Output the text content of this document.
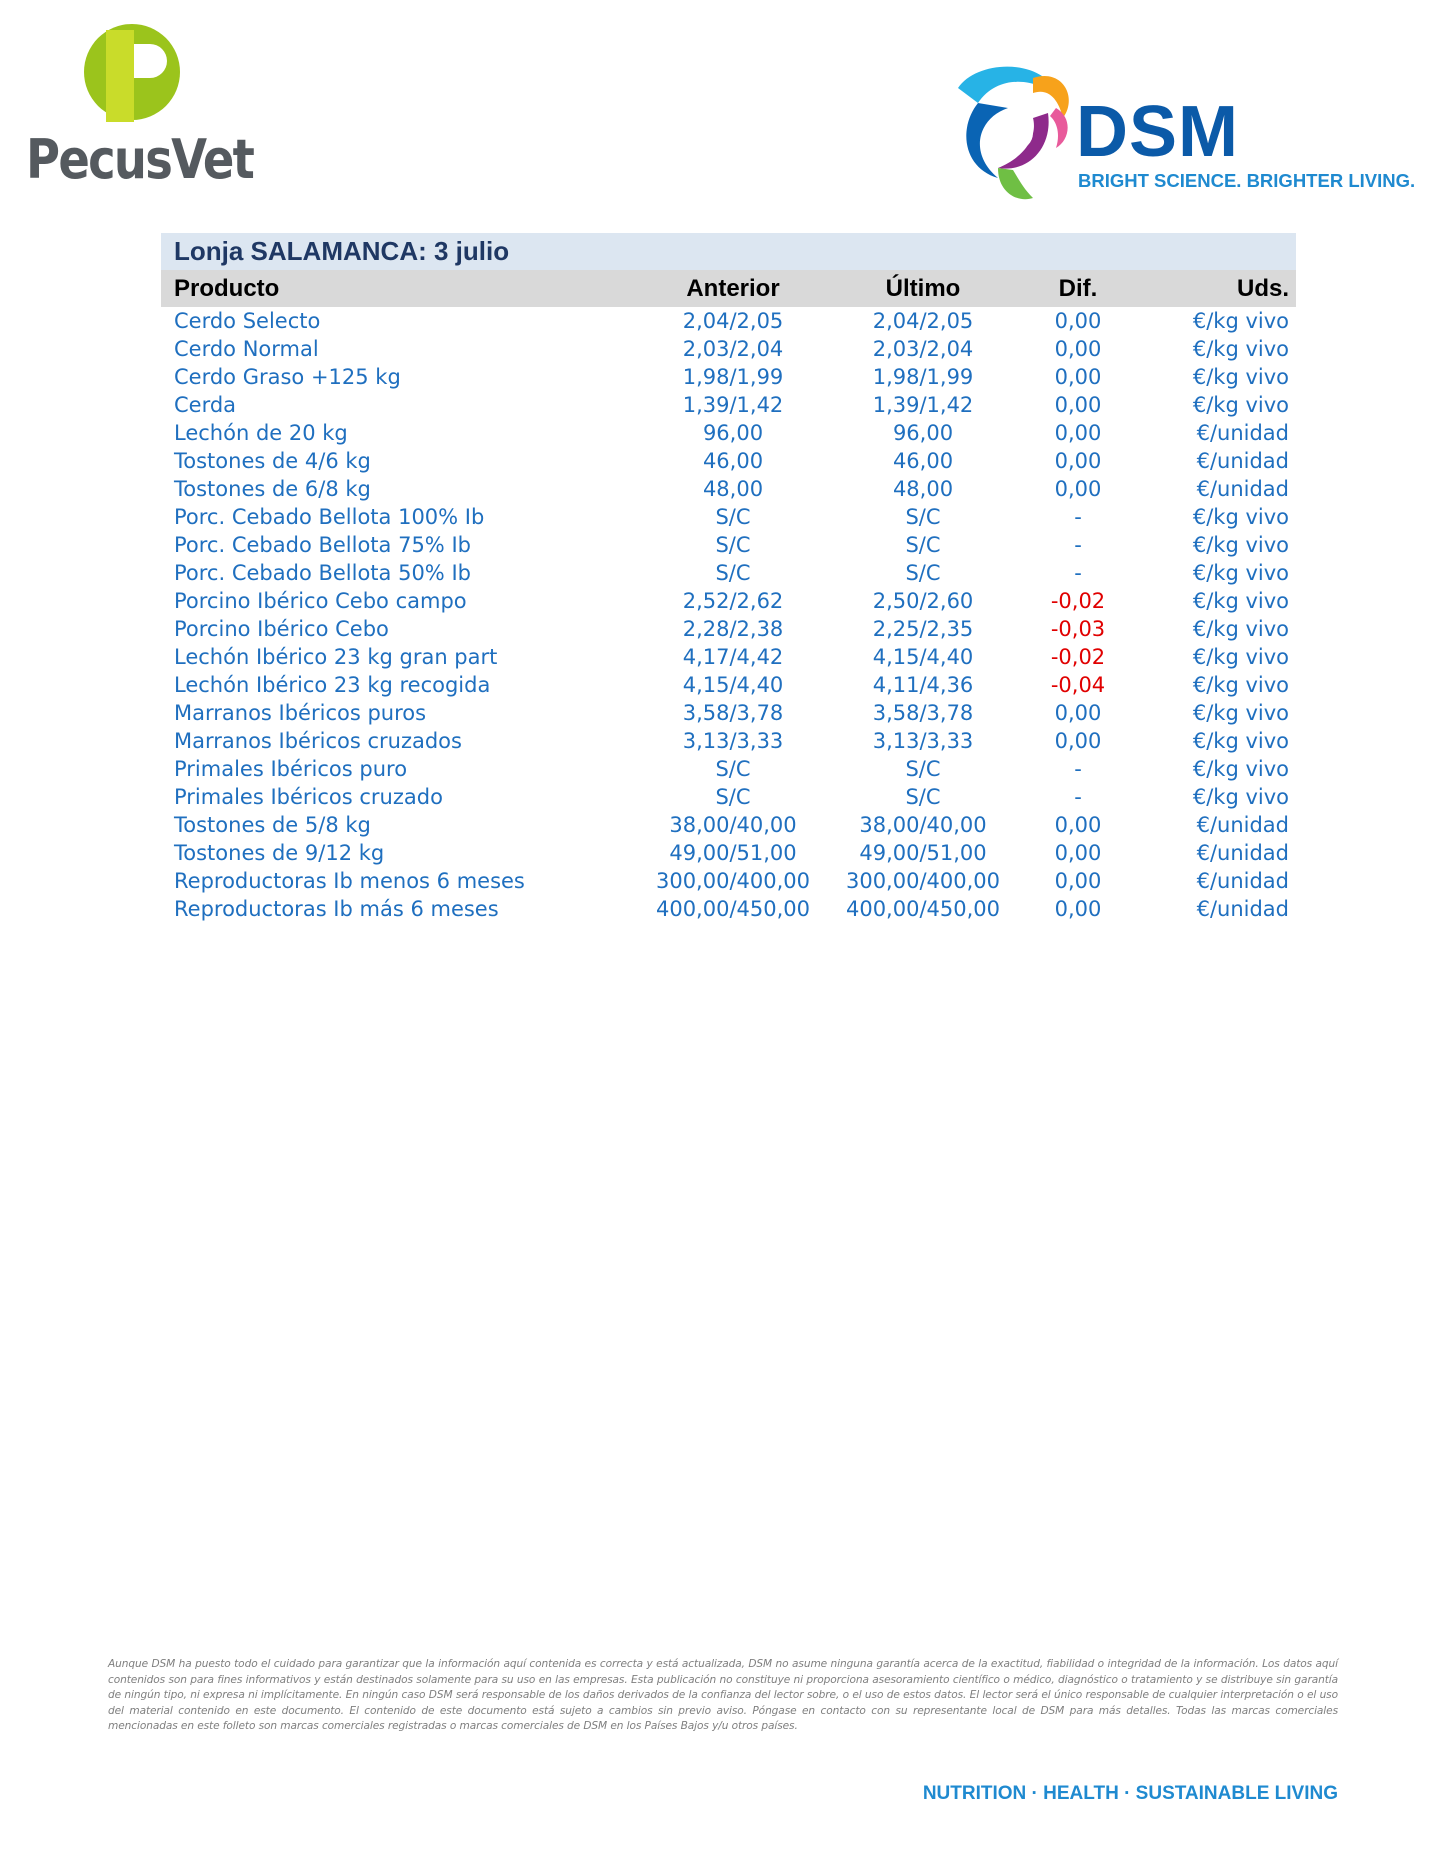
PecusVet	DSM
BRIGHT SCIENCE. BRIGHTER LIVING.
Lonja SALAMANCA: 3 julio
Producto	Anterior	Último	Dif.	Uds.
Cerdo Selecto	2,04/2,05	2,04/2,05	0,00	€/kg vivo
Cerdo Normal	2,03/2,04	2,03/2,04	0,00	€/kg vivo
Cerdo Graso +125 kg	1,98/1,99	1,98/1,99	0,00	€/kg vivo
Cerda	1,39/1,42	1,39/1,42	0,00	€/kg vivo
Lechón de 20 kg	96,00	96,00	0,00	€/unidad
Tostones de 4/6 kg	46,00	46,00	0,00	€/unidad
Tostones de 6/8 kg	48,00	48,00	0,00	€/unidad
Porc. Cebado Bellota 100% Ib	S/C	S/C	-	€/kg vivo
Porc. Cebado Bellota 75% Ib	S/C	S/C	-	€/kg vivo
Porc. Cebado Bellota 50% Ib	S/C	S/C	-	€/kg vivo
Porcino Ibérico Cebo campo	2,52/2,62	2,50/2,60	-0,02	€/kg vivo
Porcino Ibérico Cebo	2,28/2,38	2,25/2,35	-0,03	€/kg vivo
Lechón Ibérico 23 kg gran part	4,17/4,42	4,15/4,40	-0,02	€/kg vivo
Lechón Ibérico 23 kg recogida	4,15/4,40	4,11/4,36	-0,04	€/kg vivo
Marranos Ibéricos puros	3,58/3,78	3,58/3,78	0,00	€/kg vivo
Marranos Ibéricos cruzados	3,13/3,33	3,13/3,33	0,00	€/kg vivo
Primales Ibéricos puro	S/C	S/C	-	€/kg vivo
Primales Ibéricos cruzado	S/C	S/C	-	€/kg vivo
Tostones de 5/8 kg	38,00/40,00	38,00/40,00	0,00	€/unidad
Tostones de 9/12 kg	49,00/51,00	49,00/51,00	0,00	€/unidad
Reproductoras Ib menos 6 meses	300,00/400,00	300,00/400,00	0,00	€/unidad
Reproductoras Ib más 6 meses	400,00/450,00	400,00/450,00	0,00	€/unidad
Aunque DSM ha puesto todo el cuidado para garantizar que la información aquí contenida es correcta y está actualizada, DSM no asume ninguna garantía acerca de la exactitud, fiabilidad o integridad de la información. Los datos aquí contenidos son para fines informativos y están destinados solamente para su uso en las empresas. Esta publicación no constituye ni proporciona asesoramiento científico o médico, diagnóstico o tratamiento y se distribuye sin garantía de ningún tipo, ni expresa ni implícitamente. En ningún caso DSM será responsable de los daños derivados de la confianza del lector sobre, o el uso de estos datos. El lector será el único responsable de cualquier interpretación o el uso del material contenido en este documento. El contenido de este documento está sujeto a cambios sin previo aviso. Póngase en contacto con su representante local de DSM para más detalles. Todas las marcas comerciales mencionadas en este folleto son marcas comerciales registradas o marcas comerciales de DSM en los Países Bajos y/u otros países.
NUTRITION · HEALTH · SUSTAINABLE LIVING
